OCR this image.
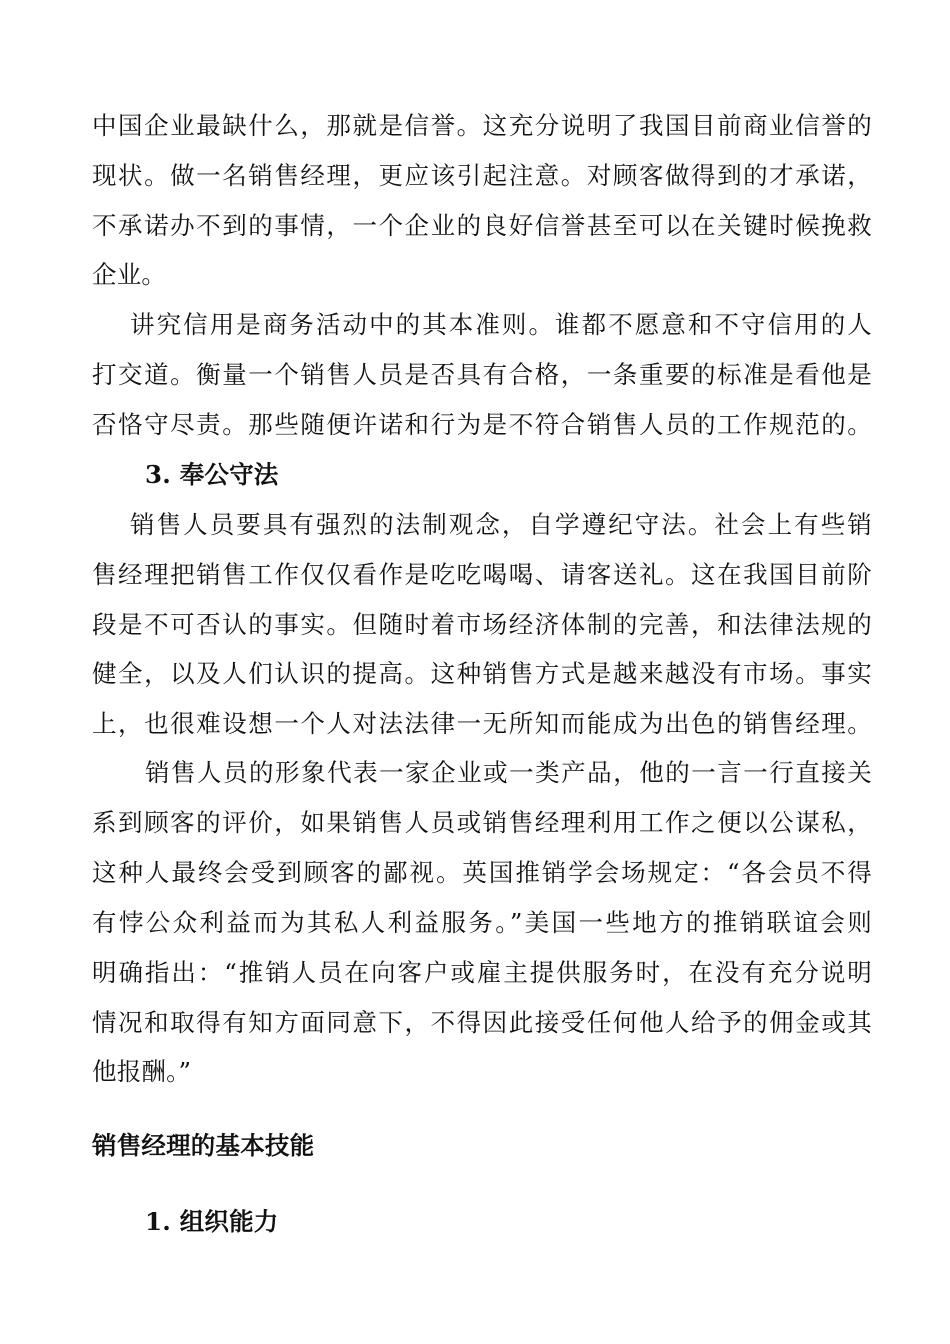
中国企业最缺什么，那就是信誉。这充分说明了我国目前商业信誉的
现状。做一名销售经理，更应该引起注意。对顾客做得到的才承诺，
不承诺办不到的事情，一个企业的良好信誉甚至可以在关键时候挽救
企业。
讲究信用是商务活动中的其本准则。谁都不愿意和不守信用的人
打交道。衡量一个销售人员是否具有合格，一条重要的标准是看他是
否恪守尽责。那些随便许诺和行为是不符合销售人员的工作规范的。
3. 奉公守法
销售人员要具有强烈的法制观念，自学遵纪守法。社会上有些销
售经理把销售工作仅仅看作是吃吃喝喝、请客送礼。这在我国目前阶
段是不可否认的事实。但随时着市场经济体制的完善，和法律法规的
健全，以及人们认识的提高。这种销售方式是越来越没有市场。事实
上，也很难设想一个人对法法律一无所知而能成为出色的销售经理。
销售人员的形象代表一家企业或一类产品，他的一言一行直接关
系到顾客的评价，如果销售人员或销售经理利用工作之便以公谋私，
这种人最终会受到顾客的鄙视。英国推销学会场规定：“各会员不得
有悖公众利益而为其私人利益服务。”美国一些地方的推销联谊会则
明确指出：“推销人员在向客户或雇主提供服务时，在没有充分说明
情况和取得有知方面同意下，不得因此接受任何他人给予的佣金或其
他报酬。”
销售经理的基本技能
1. 组织能力
